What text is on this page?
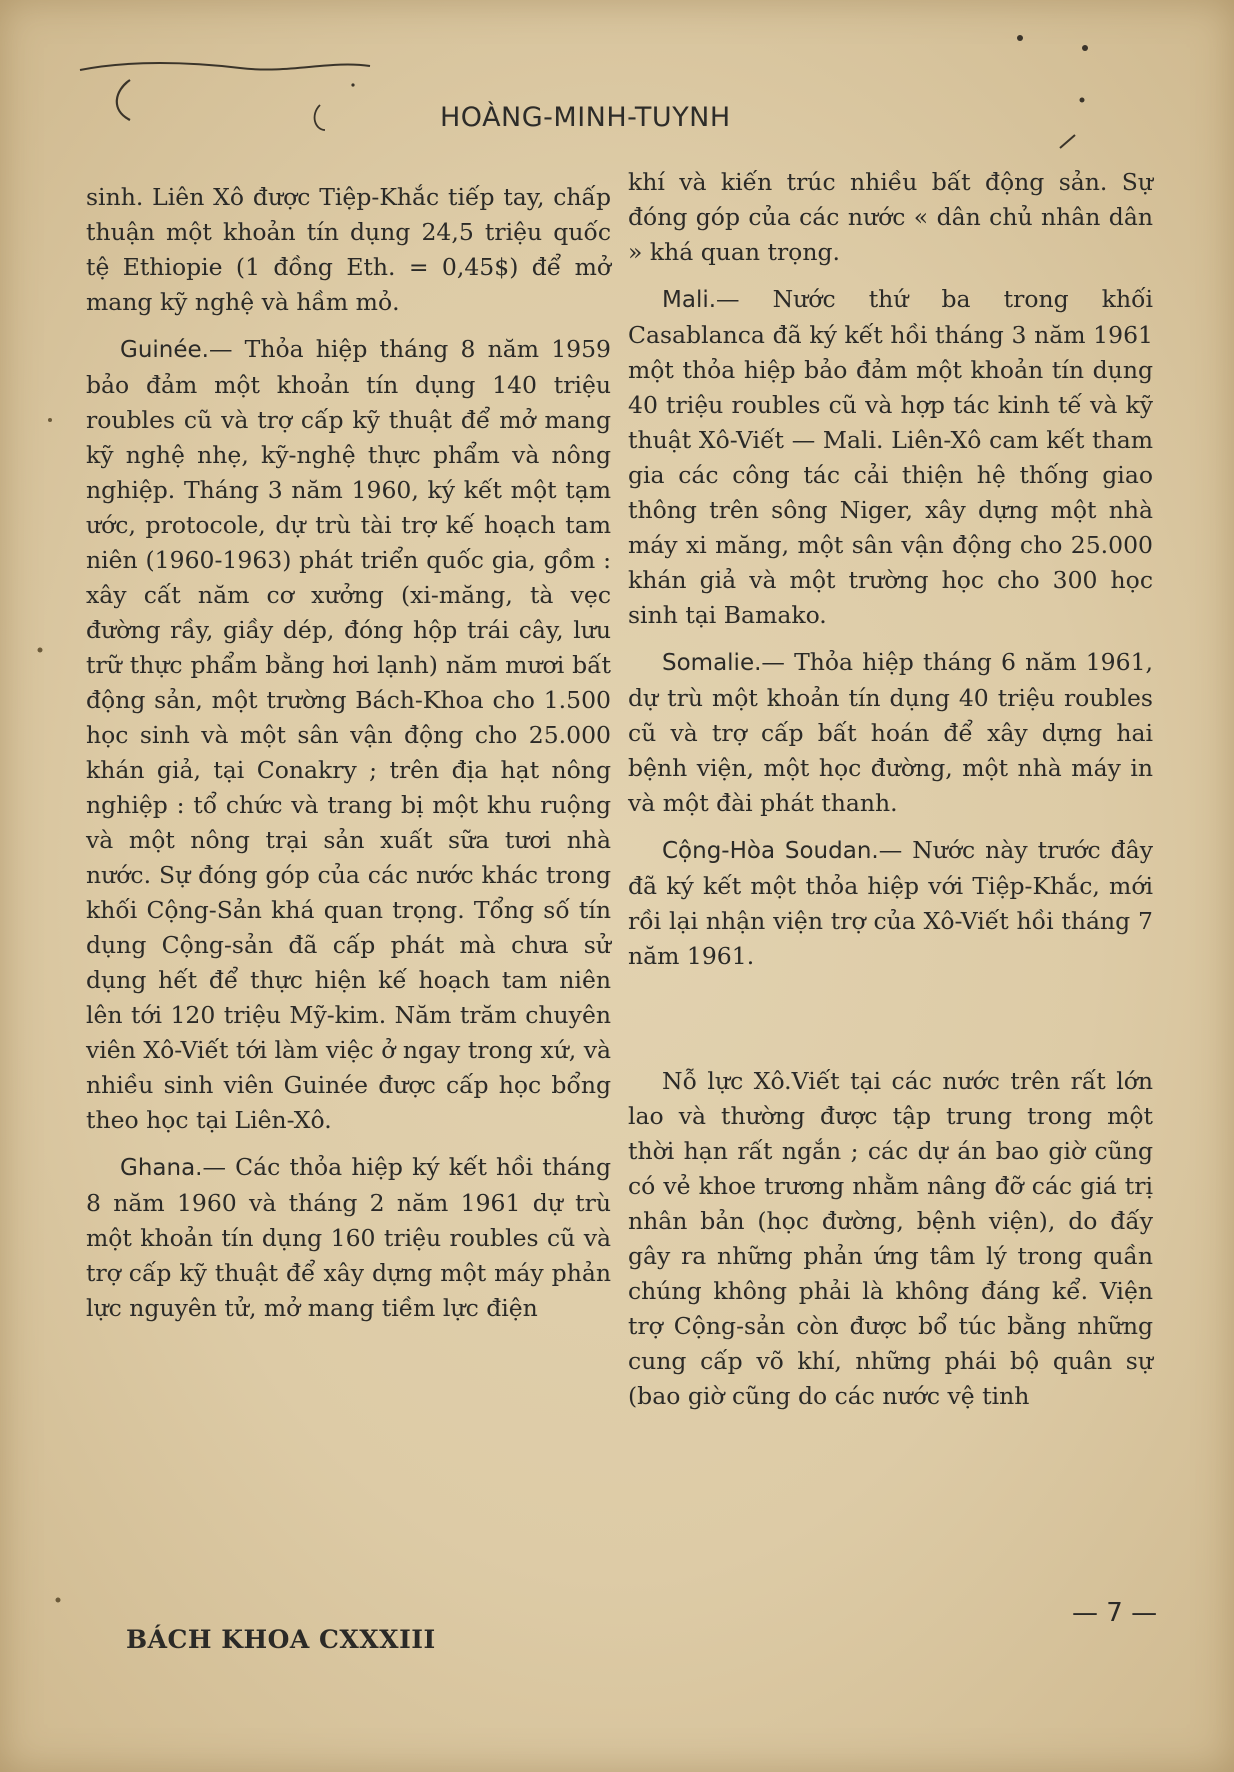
HOÀNG-MINH-TUYNH

sinh. Liên Xô được Tiệp-Khắc tiếp tay, chấp thuận một khoản tín dụng 24,5 triệu quốc tệ Ethiopie (1 đồng Eth. = 0,45$) để mở mang kỹ nghệ và hầm mỏ.

Guinée.— Thỏa hiệp tháng 8 năm 1959 bảo đảm một khoản tín dụng 140 triệu roubles cũ và trợ cấp kỹ thuật để mở mang kỹ nghệ nhẹ, kỹ-nghệ thực phẩm và nông nghiệp. Tháng 3 năm 1960, ký kết một tạm ước, protocole, dự trù tài trợ kế hoạch tam niên (1960-1963) phát triển quốc gia, gồm : xây cất năm cơ xưởng (xi-măng, tà vẹc đường rầy, giầy dép, đóng hộp trái cây, lưu trữ thực phẩm bằng hơi lạnh) năm mươi bất động sản, một trường Bách-Khoa cho 1.500 học sinh và một sân vận động cho 25.000 khán giả, tại Conakry ; trên địa hạt nông nghiệp : tổ chức và trang bị một khu ruộng và một nông trại sản xuất sữa tươi nhà nước. Sự đóng góp của các nước khác trong khối Cộng-Sản khá quan trọng. Tổng số tín dụng Cộng-sản đã cấp phát mà chưa sử dụng hết để thực hiện kế hoạch tam niên lên tới 120 triệu Mỹ-kim. Năm trăm chuyên viên Xô-Viết tới làm việc ở ngay trong xứ, và nhiều sinh viên Guinée được cấp học bổng theo học tại Liên-Xô.

Ghana.— Các thỏa hiệp ký kết hồi tháng 8 năm 1960 và tháng 2 năm 1961 dự trù một khoản tín dụng 160 triệu roubles cũ và trợ cấp kỹ thuật để xây dựng một máy phản lực nguyên tử, mở mang tiềm lực điện

khí và kiến trúc nhiều bất động sản. Sự đóng góp của các nước « dân chủ nhân dân » khá quan trọng.

Mali.— Nước thứ ba trong khối Casablanca đã ký kết hồi tháng 3 năm 1961 một thỏa hiệp bảo đảm một khoản tín dụng 40 triệu roubles cũ và hợp tác kinh tế và kỹ thuật Xô-Viết — Mali. Liên-Xô cam kết tham gia các công tác cải thiện hệ thống giao thông trên sông Niger, xây dựng một nhà máy xi măng, một sân vận động cho 25.000 khán giả và một trường học cho 300 học sinh tại Bamako.

Somalie.— Thỏa hiệp tháng 6 năm 1961, dự trù một khoản tín dụng 40 triệu roubles cũ và trợ cấp bất hoán để xây dựng hai bệnh viện, một học đường, một nhà máy in và một đài phát thanh.

Cộng-Hòa Soudan.— Nước này trước đây đã ký kết một thỏa hiệp với Tiệp-Khắc, mới rồi lại nhận viện trợ của Xô-Viết hồi tháng 7 năm 1961.

Nỗ lực Xô.Viết tại các nước trên rất lớn lao và thường được tập trung trong một thời hạn rất ngắn ; các dự án bao giờ cũng có vẻ khoe trương nhằm nâng đỡ các giá trị nhân bản (học đường, bệnh viện), do đấy gây ra những phản ứng tâm lý trong quần chúng không phải là không đáng kể. Viện trợ Cộng-sản còn được bổ túc bằng những cung cấp võ khí, những phái bộ quân sự (bao giờ cũng do các nước vệ tinh

BÁCH KHOA CXXXIII
— 7 —
